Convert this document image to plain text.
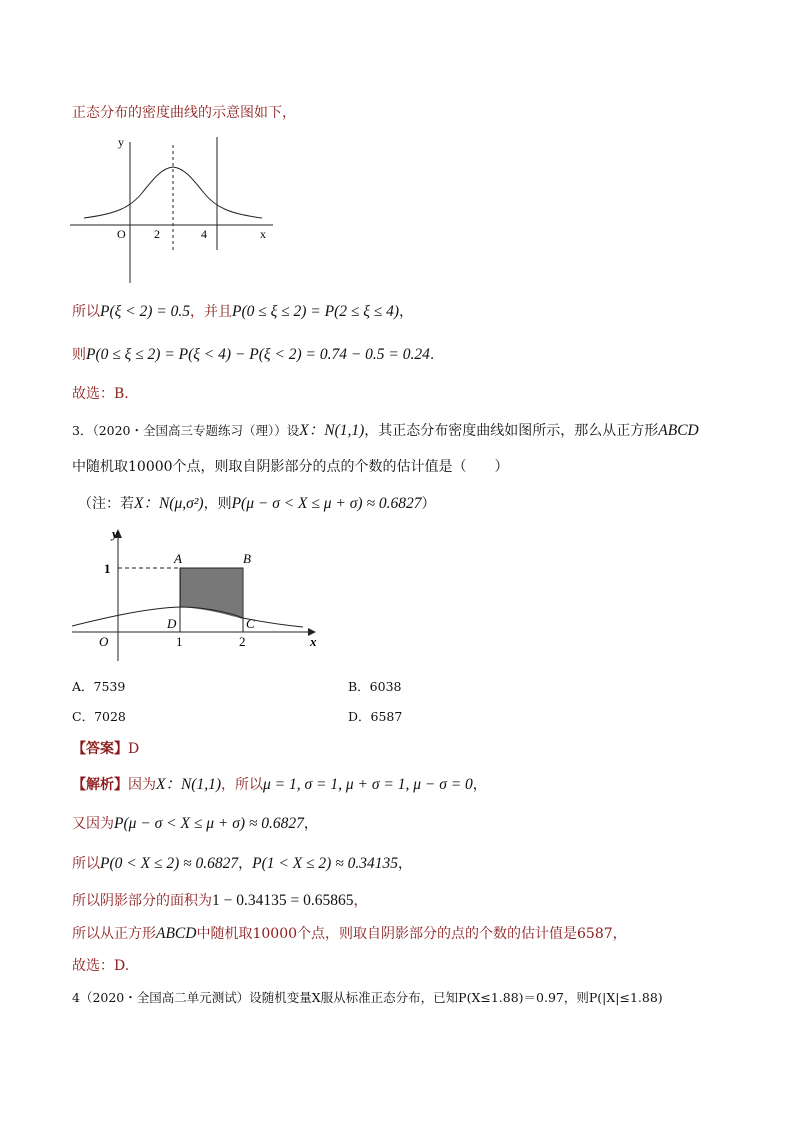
正态分布的密度曲线的示意图如下，
y
x
O 2	4
所以P(ξ < 2) = 0.5，并且P(0 ≤ ξ ≤ 2) = P(2 ≤ ξ ≤ 4)，
则P(0 ≤ ξ ≤ 2) = P(ξ < 4) − P(ξ < 2) = 0.74 − 0.5 = 0.24.
故选：B.
3．（2020・全国高三专题练习（理））设X：N(1,1)，其正态分布密度曲线如图所示，那么从正方形ABCD
中随机取10000个点，则取自阴影部分的点的个数的估计值是（　　）
（注：若X：N(μ,σ²)，则P(μ − σ < X ≤ μ + σ) ≈ 0.6827）
y
x
O
1
1	2
A	B
C
D
A．7539	B．6038
C．7028	D．6587
【答案】D
【解析】因为X：N(1,1)，所以μ = 1, σ = 1, μ + σ = 1, μ − σ = 0，
又因为P(μ − σ < X ≤ μ + σ) ≈ 0.6827，
所以P(0 < X ≤ 2) ≈ 0.6827，P(1 < X ≤ 2) ≈ 0.34135，
所以阴影部分的面积为1 − 0.34135 = 0.65865，
所以从正方形ABCD中随机取10000个点，则取自阴影部分的点的个数的估计值是6587，
故选：D.
4（2020・全国高二单元测试）设随机变量X服从标准正态分布，已知P(X≤1.88)＝0.97，则P(|X|≤1.88)
